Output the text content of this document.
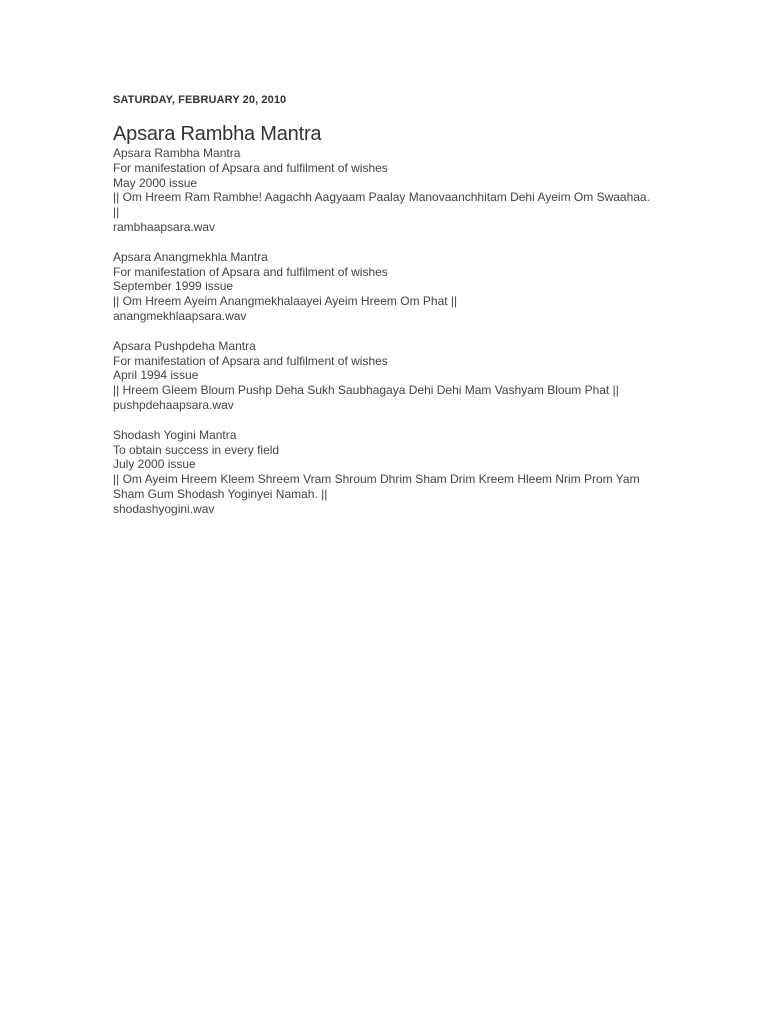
SATURDAY, FEBRUARY 20, 2010
Apsara Rambha Mantra
Apsara Rambha Mantra
For manifestation of Apsara and fulfilment of wishes
May 2000 issue
|| Om Hreem Ram Rambhe! Aagachh Aagyaam Paalay Manovaanchhitam Dehi Ayeim Om Swaahaa. ||
rambhaapsara.wav
Apsara Anangmekhla Mantra
For manifestation of Apsara and fulfilment of wishes
September 1999 issue
|| Om Hreem Ayeim Anangmekhalaayei Ayeim Hreem Om Phat ||
anangmekhlaapsara.wav
Apsara Pushpdeha Mantra
For manifestation of Apsara and fulfilment of wishes
April 1994 issue
|| Hreem Gleem Bloum Pushp Deha Sukh Saubhagaya Dehi Dehi Mam Vashyam Bloum Phat ||
pushpdehaapsara.wav
Shodash Yogini Mantra
To obtain success in every field
July 2000 issue
|| Om Ayeim Hreem Kleem Shreem Vram Shroum Dhrim Sham Drim Kreem Hleem Nrim Prom Yam Sham Gum Shodash Yoginyei Namah. ||
shodashyogini.wav
